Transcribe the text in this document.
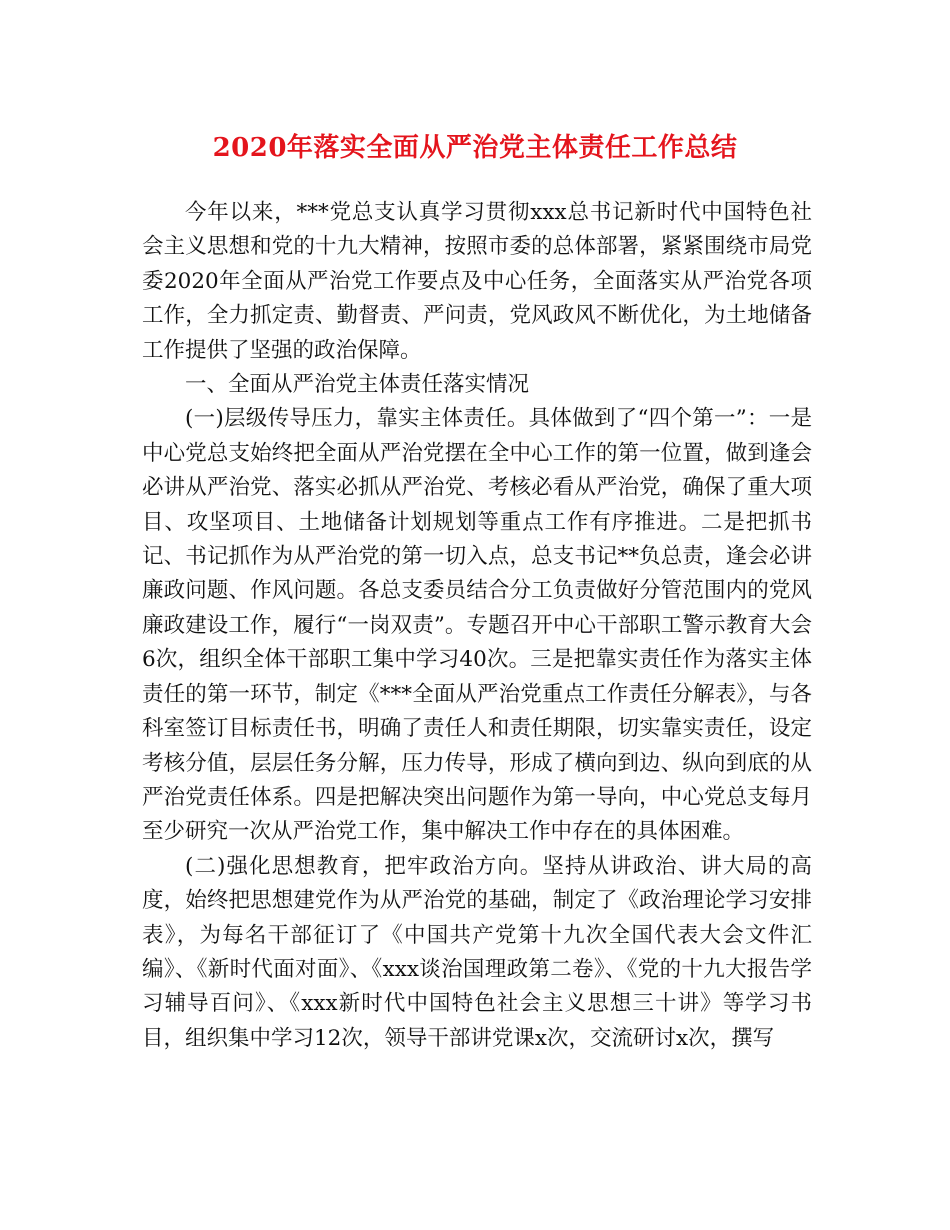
2020年落实全面从严治党主体责任工作总结

今年以来，***党总支认真学习贯彻xxx总书记新时代中国特色社会主义思想和党的十九大精神，按照市委的总体部署，紧紧围绕市局党委2020年全面从严治党工作要点及中心任务，全面落实从严治党各项工作，全力抓定责、勤督责、严问责，党风政风不断优化，为土地储备工作提供了坚强的政治保障。

一、全面从严治党主体责任落实情况

(一)层级传导压力，靠实主体责任。具体做到了“四个第一”：一是中心党总支始终把全面从严治党摆在全中心工作的第一位置，做到逢会必讲从严治党、落实必抓从严治党、考核必看从严治党，确保了重大项目、攻坚项目、土地储备计划规划等重点工作有序推进。二是把抓书记、书记抓作为从严治党的第一切入点，总支书记**负总责，逢会必讲廉政问题、作风问题。各总支委员结合分工负责做好分管范围内的党风廉政建设工作，履行“一岗双责”。专题召开中心干部职工警示教育大会6次，组织全体干部职工集中学习40次。三是把靠实责任作为落实主体责任的第一环节，制定《***全面从严治党重点工作责任分解表》，与各科室签订目标责任书，明确了责任人和责任期限，切实靠实责任，设定考核分值，层层任务分解，压力传导，形成了横向到边、纵向到底的从严治党责任体系。四是把解决突出问题作为第一导向，中心党总支每月至少研究一次从严治党工作，集中解决工作中存在的具体困难。

(二)强化思想教育，把牢政治方向。坚持从讲政治、讲大局的高度，始终把思想建党作为从严治党的基础，制定了《政治理论学习安排表》，为每名干部征订了《中国共产党第十九次全国代表大会文件汇编》、《新时代面对面》、《xxx谈治国理政第二卷》、《党的十九大报告学习辅导百问》、《xxx新时代中国特色社会主义思想三十讲》等学习书目，组织集中学习12次，领导干部讲党课x次，交流研讨x次，撰写
